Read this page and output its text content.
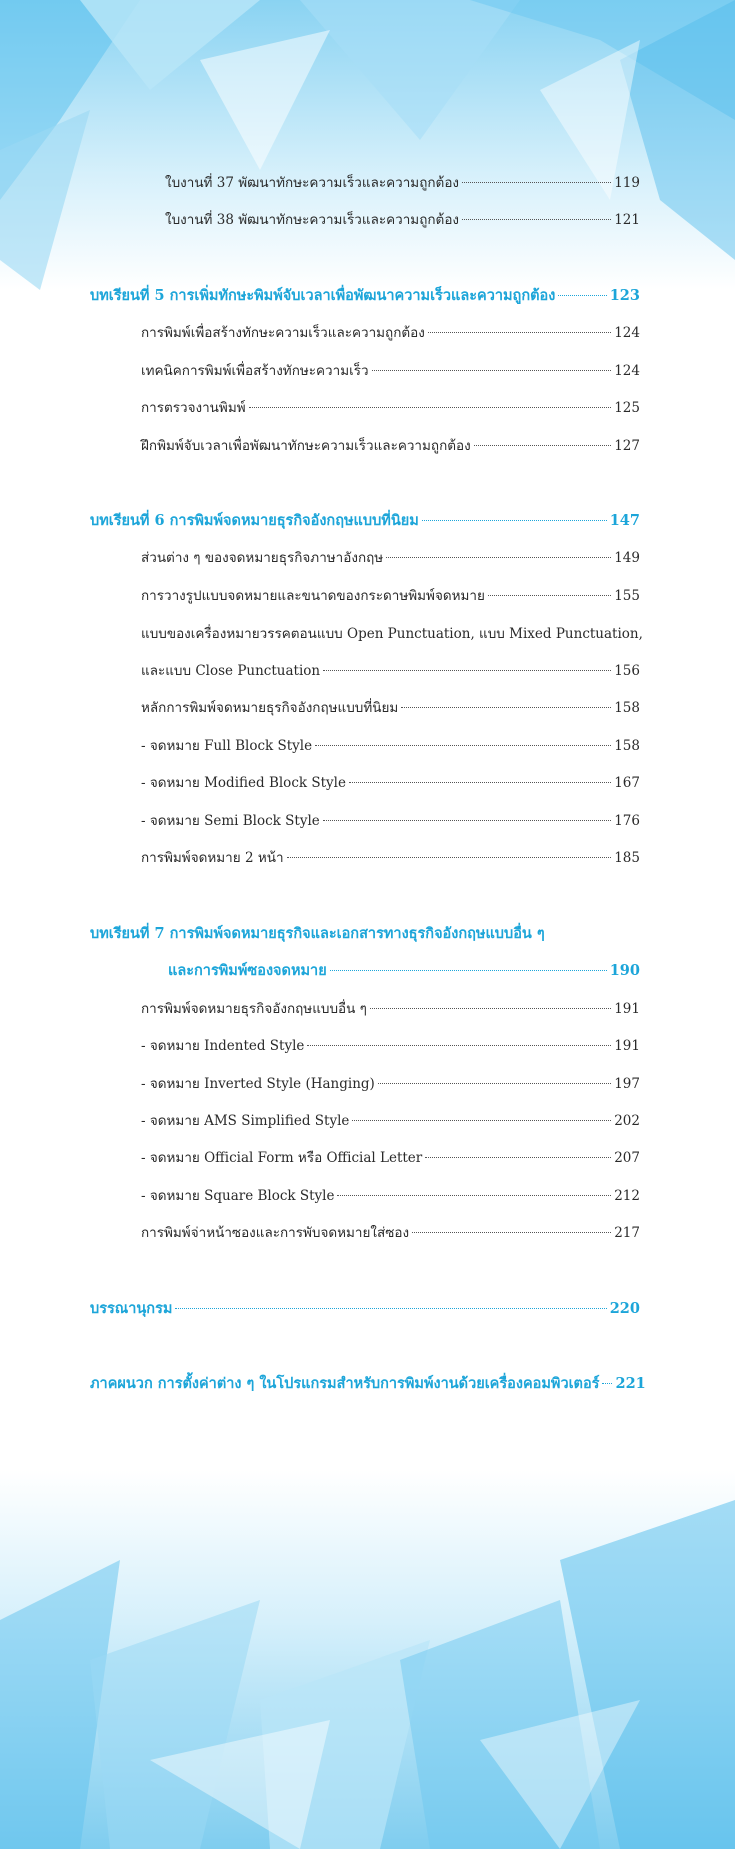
ใบงานที่ 37 พัฒนาทักษะความเร็วและความถูกต้อง	119
ใบงานที่ 38 พัฒนาทักษะความเร็วและความถูกต้อง	121
บทเรียนที่ 5 การเพิ่มทักษะพิมพ์จับเวลาเพื่อพัฒนาความเร็วและความถูกต้อง	123
การพิมพ์เพื่อสร้างทักษะความเร็วและความถูกต้อง	124
เทคนิคการพิมพ์เพื่อสร้างทักษะความเร็ว	124
การตรวจงานพิมพ์	125
ฝึกพิมพ์จับเวลาเพื่อพัฒนาทักษะความเร็วและความถูกต้อง	127
บทเรียนที่ 6 การพิมพ์จดหมายธุรกิจอังกฤษแบบที่นิยม	147
ส่วนต่าง ๆ ของจดหมายธุรกิจภาษาอังกฤษ	149
การวางรูปแบบจดหมายและขนาดของกระดาษพิมพ์จดหมาย	155
แบบของเครื่องหมายวรรคตอนแบบ Open Punctuation, แบบ Mixed Punctuation,
และแบบ Close Punctuation	156
หลักการพิมพ์จดหมายธุรกิจอังกฤษแบบที่นิยม	158
- จดหมาย Full Block Style	158
- จดหมาย Modified Block Style	167
- จดหมาย Semi Block Style	176
การพิมพ์จดหมาย 2 หน้า	185
บทเรียนที่ 7 การพิมพ์จดหมายธุรกิจและเอกสารทางธุรกิจอังกฤษแบบอื่น ๆ
และการพิมพ์ซองจดหมาย	190
การพิมพ์จดหมายธุรกิจอังกฤษแบบอื่น ๆ	191
- จดหมาย Indented Style	191
- จดหมาย Inverted Style (Hanging)	197
- จดหมาย AMS Simplified Style	202
- จดหมาย Official Form หรือ Official Letter	207
- จดหมาย Square Block Style	212
การพิมพ์จ่าหน้าซองและการพับจดหมายใส่ซอง	217
บรรณานุกรม	220
ภาคผนวก การตั้งค่าต่าง ๆ ในโปรแกรมสำหรับการพิมพ์งานด้วยเครื่องคอมพิวเตอร์ 221
